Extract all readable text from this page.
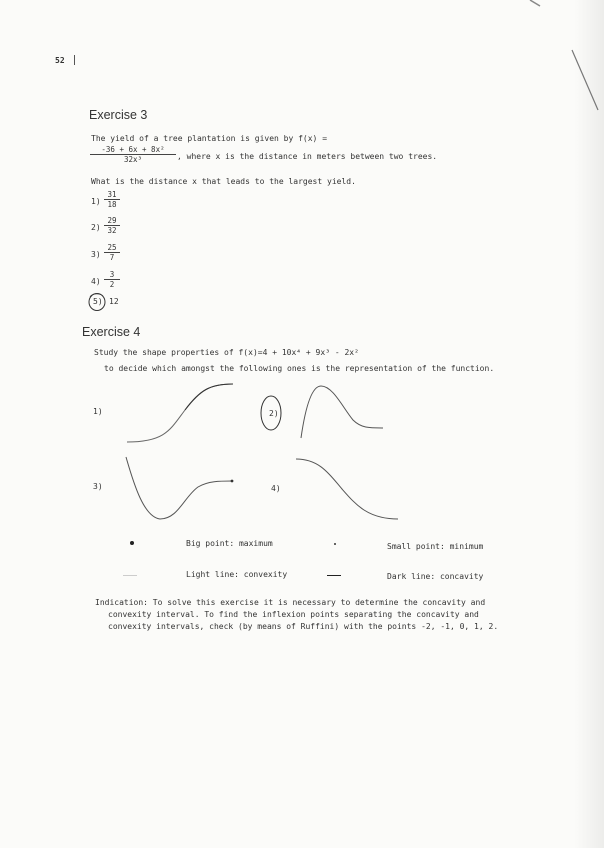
52
Exercise 3
The yield of a tree plantation is given by f(x) =
-36 + 6x + 8x²
32x³	, where x is the distance in meters between two trees.
What is the distance x that leads to the largest yield.
1)
31
18
2)
29
32
3)
25
7
4)
3
2
5) 12
Exercise 4
Study the shape properties of f(x)=4 + 10x⁴ + 9x³ - 2x²
to decide which amongst the following ones is the representation of the function.
1)	2)
3)	4)
Big point: maximum	Small point: minimum
Light line: convexity	Dark line: concavity
Indication: To solve this exercise it is necessary to determine the concavity and
convexity interval. To find the inflexion points separating the concavity and
convexity intervals, check (by means of Ruffini) with the points -2, -1, 0, 1, 2.
